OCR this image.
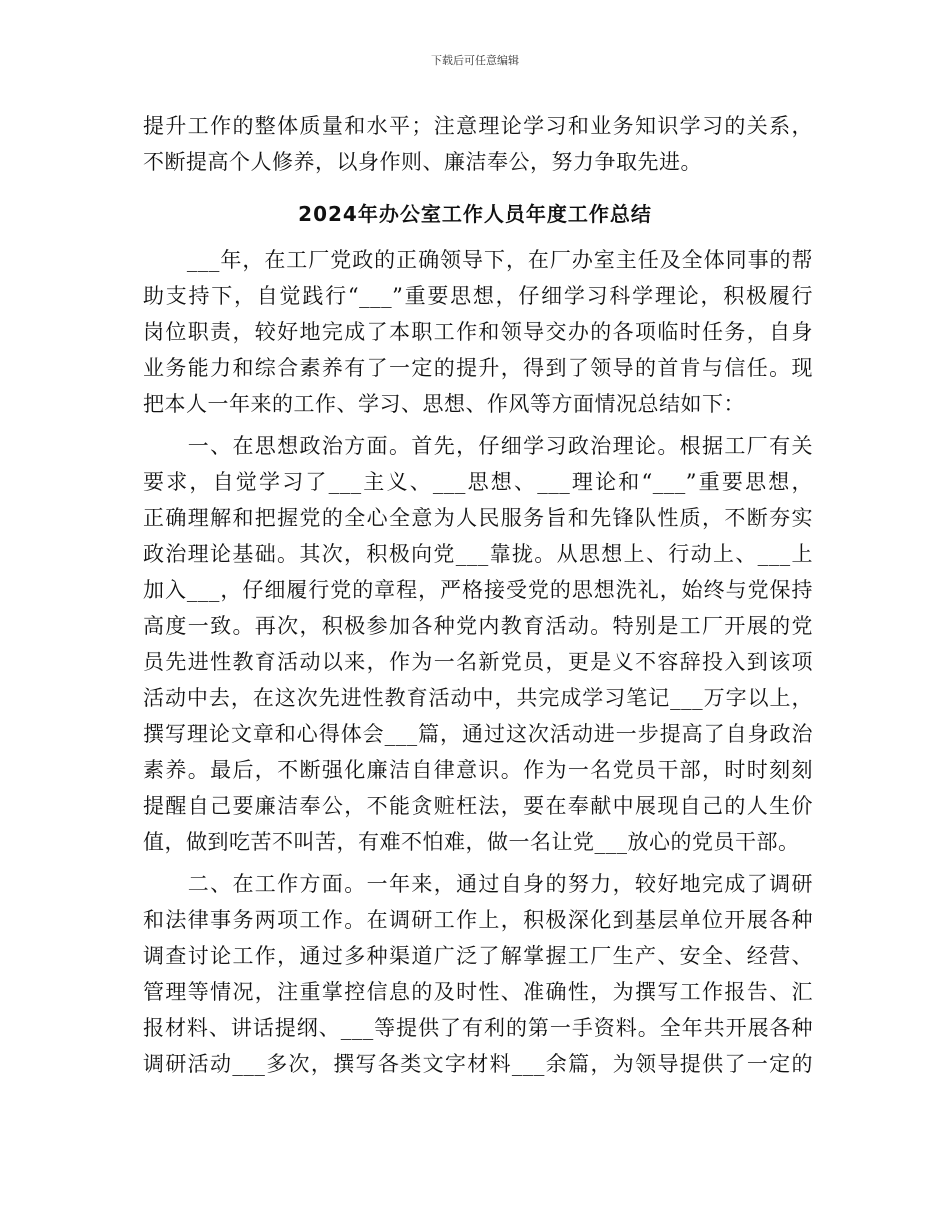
下载后可任意编辑
提升工作的整体质量和水平；注意理论学习和业务知识学习的关系，
不断提高个人修养，以身作则、廉洁奉公，努力争取先进。
2024年办公室工作人员年度工作总结
　　___年，在工厂党政的正确领导下，在厂办室主任及全体同事的帮
助支持下，自觉践行“___”重要思想，仔细学习科学理论，积极履行
岗位职责，较好地完成了本职工作和领导交办的各项临时任务，自身
业务能力和综合素养有了一定的提升，得到了领导的首肯与信任。现
把本人一年来的工作、学习、思想、作风等方面情况总结如下：
　　一、在思想政治方面。首先，仔细学习政治理论。根据工厂有关
要求，自觉学习了___主义、___思想、___理论和“___”重要思想，
正确理解和把握党的全心全意为人民服务旨和先锋队性质，不断夯实
政治理论基础。其次，积极向党___靠拢。从思想上、行动上、___上
加入___，仔细履行党的章程，严格接受党的思想洗礼，始终与党保持
高度一致。再次，积极参加各种党内教育活动。特别是工厂开展的党
员先进性教育活动以来，作为一名新党员，更是义不容辞投入到该项
活动中去，在这次先进性教育活动中，共完成学习笔记___万字以上，
撰写理论文章和心得体会___篇，通过这次活动进一步提高了自身政治
素养。最后，不断强化廉洁自律意识。作为一名党员干部，时时刻刻
提醒自己要廉洁奉公，不能贪赃枉法，要在奉献中展现自己的人生价
值，做到吃苦不叫苦，有难不怕难，做一名让党___放心的党员干部。
　　二、在工作方面。一年来，通过自身的努力，较好地完成了调研
和法律事务两项工作。在调研工作上，积极深化到基层单位开展各种
调查讨论工作，通过多种渠道广泛了解掌握工厂生产、安全、经营、
管理等情况，注重掌控信息的及时性、准确性，为撰写工作报告、汇
报材料、讲话提纲、___等提供了有利的第一手资料。全年共开展各种
调研活动___多次，撰写各类文字材料___余篇，为领导提供了一定的
